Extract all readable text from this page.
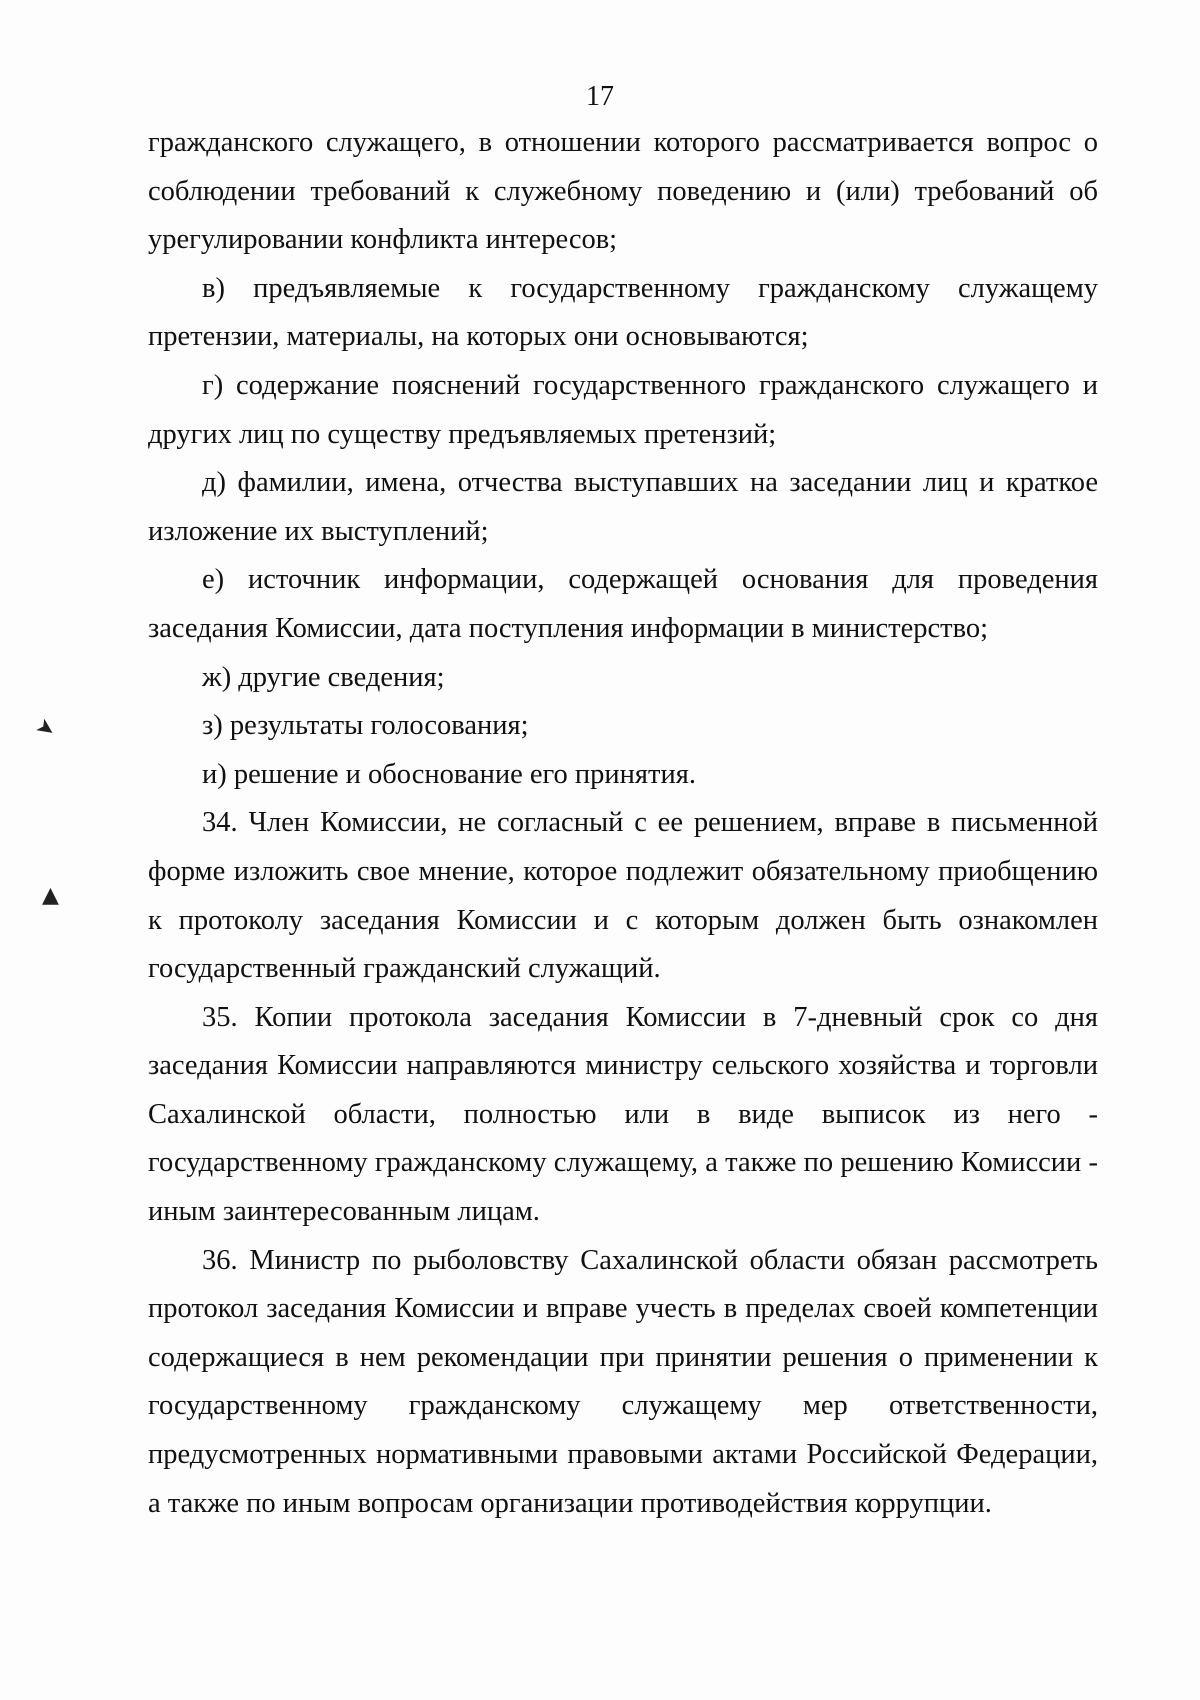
17

гражданского служащего, в отношении которого рассматривается вопрос о соблюдении требований к служебному поведению и (или) требований об урегулировании конфликта интересов;

в) предъявляемые к государственному гражданскому служащему претензии, материалы, на которых они основываются;

г) содержание пояснений государственного гражданского служащего и других лиц по существу предъявляемых претензий;

д) фамилии, имена, отчества выступавших на заседании лиц и краткое изложение их выступлений;

е) источник информации, содержащей основания для проведения заседания Комиссии, дата поступления информации в министерство;

ж) другие сведения;

з) результаты голосования;

и) решение и обоснование его принятия.

34. Член Комиссии, не согласный с ее решением, вправе в письменной форме изложить свое мнение, которое подлежит обязательному приобщению к протоколу заседания Комиссии и с которым должен быть ознакомлен государственный гражданский служащий.

35. Копии протокола заседания Комиссии в 7-дневный срок со дня заседания Комиссии направляются министру сельского хозяйства и торговли Сахалинской области, полностью или в виде выписок из него - государственному гражданскому служащему, а также по решению Комиссии - иным заинтересованным лицам.

36. Министр по рыболовству Сахалинской области обязан рассмотреть протокол заседания Комиссии и вправе учесть в пределах своей компетенции содержащиеся в нем рекомендации при принятии решения о применении к государственному гражданскому служащему мер ответственности, предусмотренных нормативными правовыми актами Российской Федерации, а также по иным вопросам организации противодействия коррупции.

➤
▲
